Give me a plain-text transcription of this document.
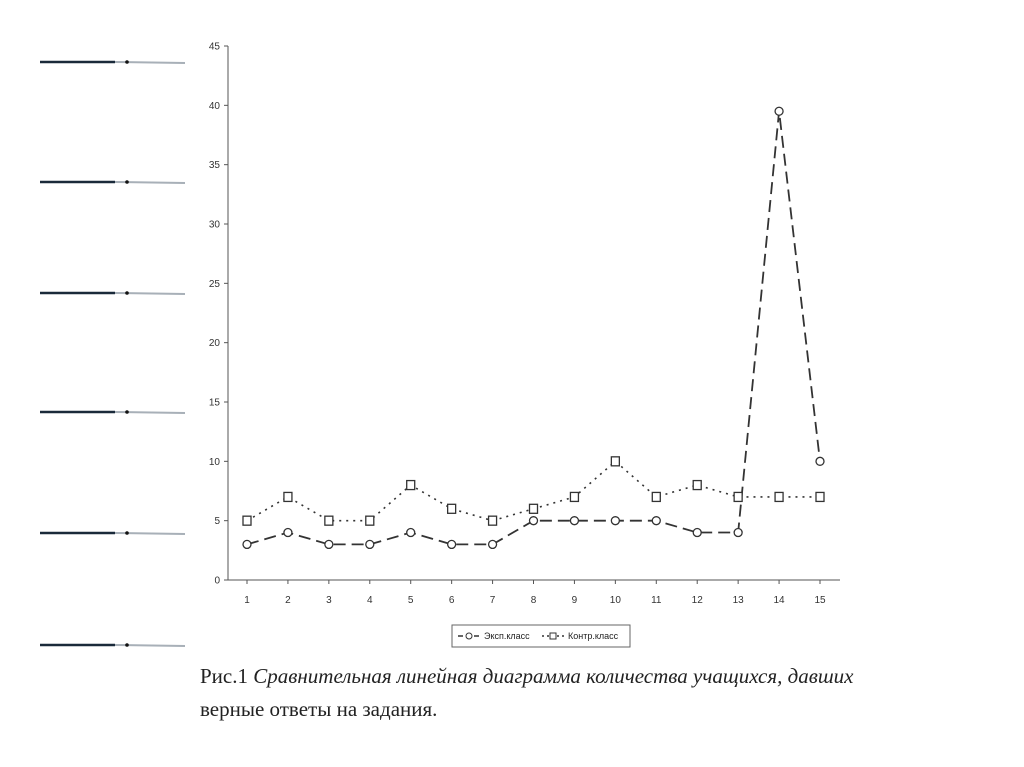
0
5
10
15
20
25
30
35
40
45
1	2	3	4	5	6	7	8	9	10	11	12	13	14	15
Эксп.класс	Контр.класс
Рис.1 Сравнительная линейная диаграмма количества учащихся, давших
верные ответы на задания.
